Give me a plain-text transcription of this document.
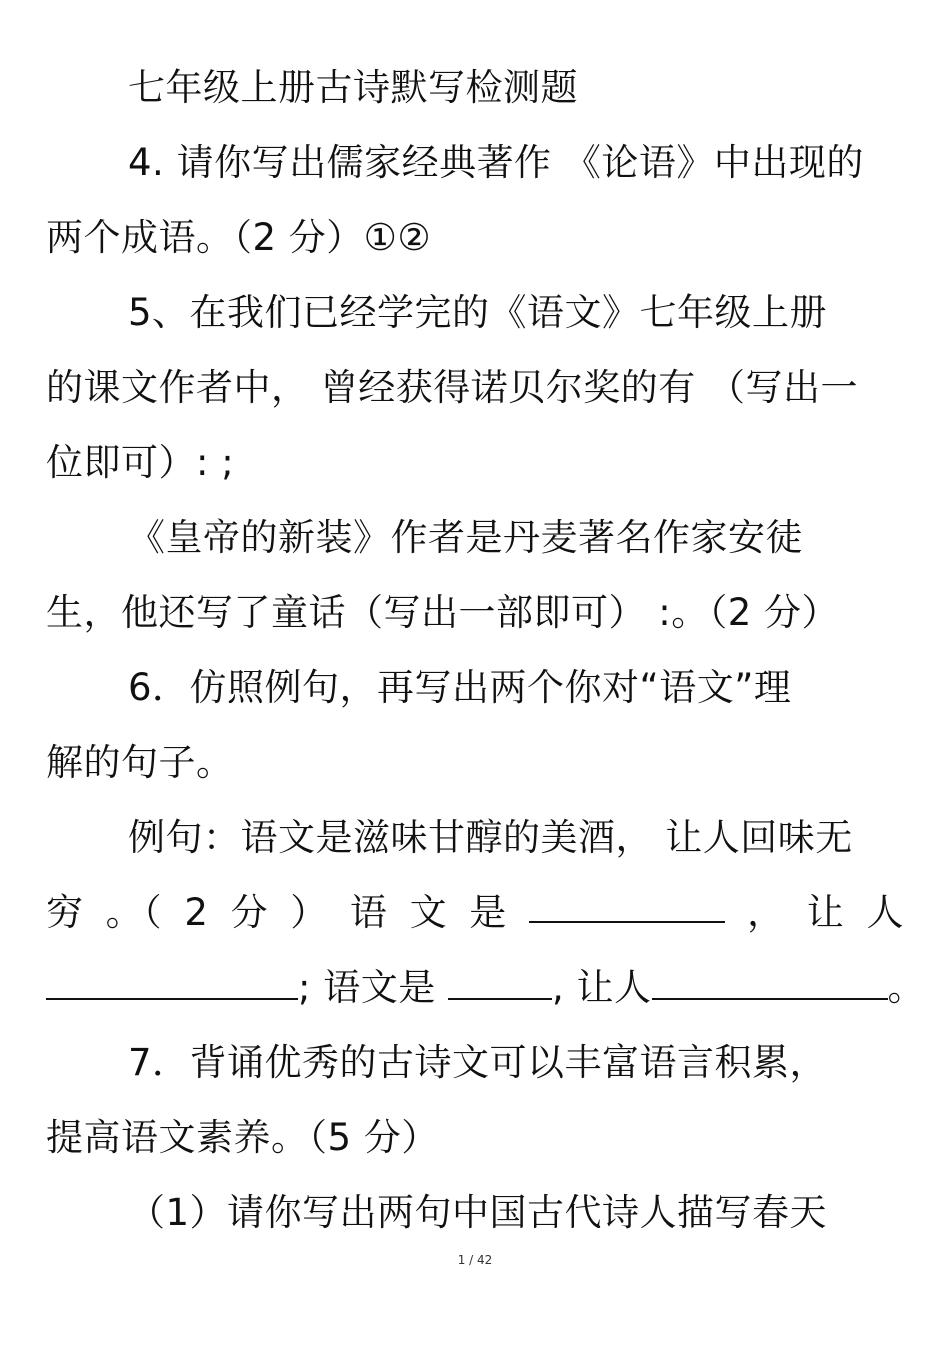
七年级上册古诗默写检测题
4. 请你写出儒家经典著作 《论语》中出现的
两个成语。（2 分）①②
5、在我们已经学完的《语文》七年级上册
的课文作者中， 曾经获得诺贝尔奖的有 （写出一
位即可）: ;
《皇帝的新装》作者是丹麦著名作家安徒
生，他还写了童话（写出一部即可） :。（2 分）
6．仿照例句，再写出两个你对“语文”理
解的句子。
例句：语文是滋味甘醇的美酒， 让人回味无
穷 。（ 2 分 ） 语 文 是	， 让 人
; 语文是	, 让人	。
7．背诵优秀的古诗文可以丰富语言积累，
提高语文素养。（5 分）
（1）请你写出两句中国古代诗人描写春天
1 / 42
